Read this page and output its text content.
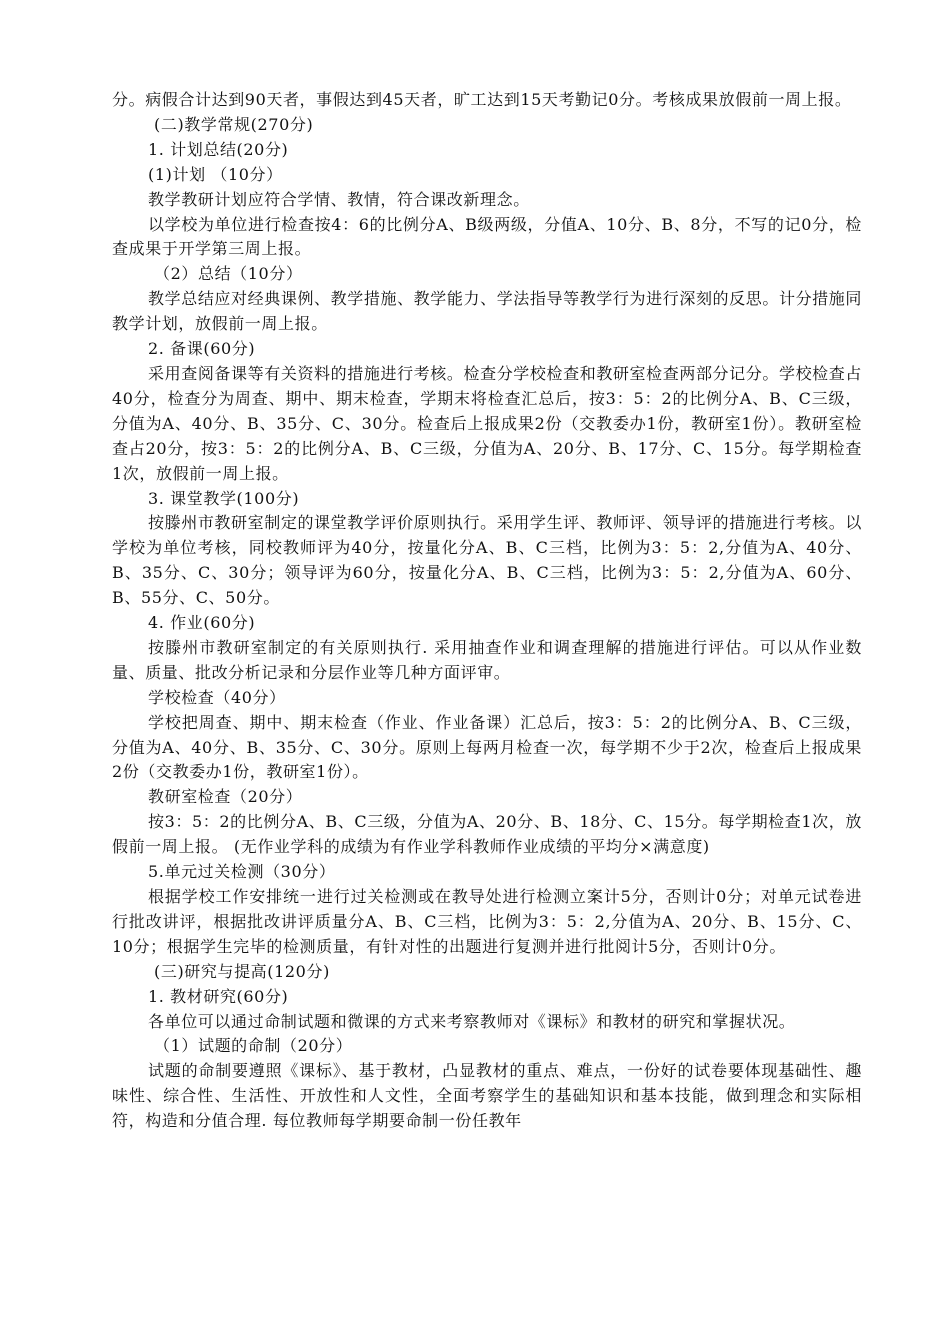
分。病假合计达到90天者，事假达到45天者，旷工达到15天考勤记0分。考核成果放假前一周上报。

(二)教学常规(270分)

1. 计划总结(20分)

(1)计划 （10分）

教学教研计划应符合学情、教情，符合课改新理念。

以学校为单位进行检查按4：6的比例分A、B级两级，分值A、10分、B、8分，不写的记0分，检查成果于开学第三周上报。

（2）总结（10分）

教学总结应对经典课例、教学措施、教学能力、学法指导等教学行为进行深刻的反思。计分措施同教学计划，放假前一周上报。

2. 备课(60分)

采用查阅备课等有关资料的措施进行考核。检查分学校检查和教研室检查两部分记分。学校检查占40分，检查分为周查、期中、期末检查，学期末将检查汇总后，按3：5：2的比例分A、B、C三级，分值为A、40分、B、35分、C、30分。检查后上报成果2份（交教委办1份，教研室1份）。教研室检查占20分，按3：5：2的比例分A、B、C三级，分值为A、20分、B、17分、C、15分。每学期检查1次，放假前一周上报。

3. 课堂教学(100分)

按滕州市教研室制定的课堂教学评价原则执行。采用学生评、教师评、领导评的措施进行考核。以学校为单位考核，同校教师评为40分，按量化分A、B、C三档，比例为3：5：2,分值为A、40分、B、35分、C、30分；领导评为60分，按量化分A、B、C三档，比例为3：5：2,分值为A、60分、B、55分、C、50分。

4. 作业(60分)

按滕州市教研室制定的有关原则执行. 采用抽查作业和调查理解的措施进行评估。可以从作业数量、质量、批改分析记录和分层作业等几种方面评审。

学校检查（40分）

学校把周查、期中、期末检查（作业、作业备课）汇总后，按3：5：2的比例分A、B、C三级，分值为A、40分、B、35分、C、30分。原则上每两月检查一次，每学期不少于2次，检查后上报成果2份（交教委办1份，教研室1份）。

教研室检查（20分）

按3：5：2的比例分A、B、C三级，分值为A、20分、B、18分、C、15分。每学期检查1次，放假前一周上报。 (无作业学科的成绩为有作业学科教师作业成绩的平均分×满意度)

5.单元过关检测（30分）

根据学校工作安排统一进行过关检测或在教导处进行检测立案计5分，否则计0分；对单元试卷进行批改讲评，根据批改讲评质量分A、B、C三档，比例为3：5：2,分值为A、20分、B、15分、C、10分；根据学生完毕的检测质量，有针对性的出题进行复测并进行批阅计5分，否则计0分。

(三)研究与提高(120分)

1. 教材研究(60分)

各单位可以通过命制试题和微课的方式来考察教师对《课标》和教材的研究和掌握状况。

（1）试题的命制（20分）

试题的命制要遵照《课标》、基于教材，凸显教材的重点、难点，一份好的试卷要体现基础性、趣味性、综合性、生活性、开放性和人文性，全面考察学生的基础知识和基本技能，做到理念和实际相符，构造和分值合理. 每位教师每学期要命制一份任教年
